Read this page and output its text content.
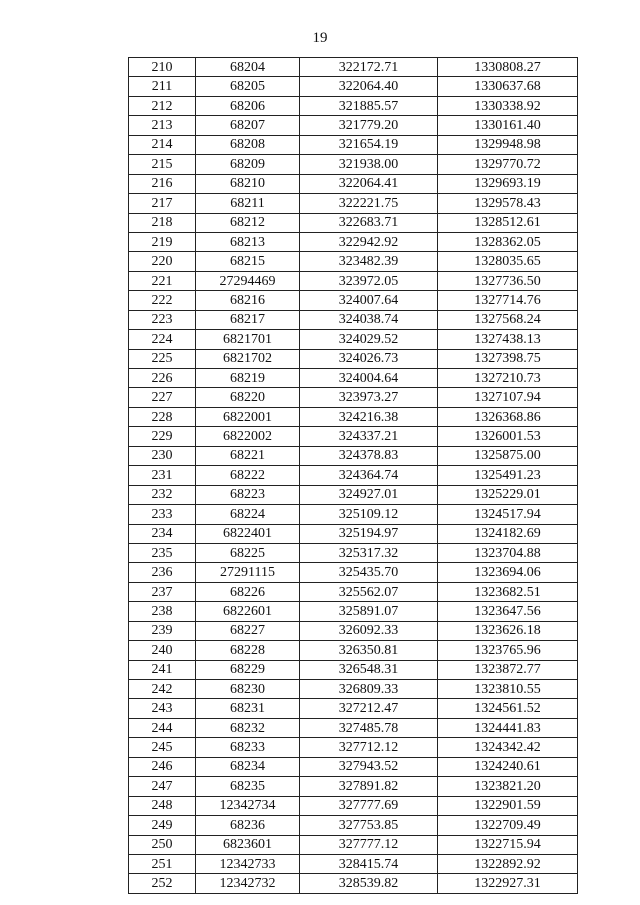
19
210	68204	322172.71	1330808.27
211	68205	322064.40	1330637.68
212	68206	321885.57	1330338.92
213	68207	321779.20	1330161.40
214	68208	321654.19	1329948.98
215	68209	321938.00	1329770.72
216	68210	322064.41	1329693.19
217	68211	322221.75	1329578.43
218	68212	322683.71	1328512.61
219	68213	322942.92	1328362.05
220	68215	323482.39	1328035.65
221	27294469	323972.05	1327736.50
222	68216	324007.64	1327714.76
223	68217	324038.74	1327568.24
224	6821701	324029.52	1327438.13
225	6821702	324026.73	1327398.75
226	68219	324004.64	1327210.73
227	68220	323973.27	1327107.94
228	6822001	324216.38	1326368.86
229	6822002	324337.21	1326001.53
230	68221	324378.83	1325875.00
231	68222	324364.74	1325491.23
232	68223	324927.01	1325229.01
233	68224	325109.12	1324517.94
234	6822401	325194.97	1324182.69
235	68225	325317.32	1323704.88
236	27291115	325435.70	1323694.06
237	68226	325562.07	1323682.51
238	6822601	325891.07	1323647.56
239	68227	326092.33	1323626.18
240	68228	326350.81	1323765.96
241	68229	326548.31	1323872.77
242	68230	326809.33	1323810.55
243	68231	327212.47	1324561.52
244	68232	327485.78	1324441.83
245	68233	327712.12	1324342.42
246	68234	327943.52	1324240.61
247	68235	327891.82	1323821.20
248	12342734	327777.69	1322901.59
249	68236	327753.85	1322709.49
250	6823601	327777.12	1322715.94
251	12342733	328415.74	1322892.92
252	12342732	328539.82	1322927.31
